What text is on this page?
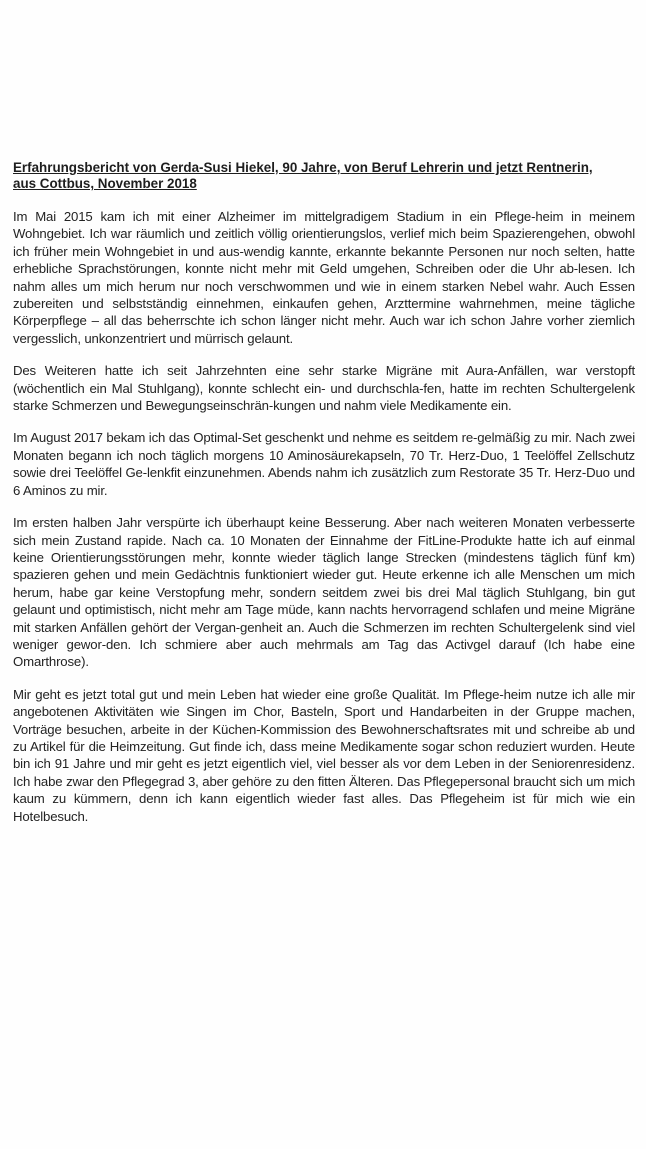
Erfahrungsbericht von Gerda-Susi Hiekel, 90 Jahre, von Beruf Lehrerin und jetzt Rentnerin, aus Cottbus, November 2018

Im Mai 2015 kam ich mit einer Alzheimer im mittelgradigem Stadium in ein Pflege-heim in meinem Wohngebiet. Ich war räumlich und zeitlich völlig orientierungslos, verlief mich beim Spazierengehen, obwohl ich früher mein Wohngebiet in und aus-wendig kannte, erkannte bekannte Personen nur noch selten, hatte erhebliche Sprachstörungen, konnte nicht mehr mit Geld umgehen, Schreiben oder die Uhr ab-lesen. Ich nahm alles um mich herum nur noch verschwommen und wie in einem starken Nebel wahr. Auch Essen zubereiten und selbstständig einnehmen, einkaufen gehen, Arzttermine wahrnehmen, meine tägliche Körperpflege – all das beherrschte ich schon länger nicht mehr. Auch war ich schon Jahre vorher ziemlich vergesslich, unkonzentriert und mürrisch gelaunt.

Des Weiteren hatte ich seit Jahrzehnten eine sehr starke Migräne mit Aura-Anfällen, war verstopft (wöchentlich ein Mal Stuhlgang), konnte schlecht ein- und durchschla-fen, hatte im rechten Schultergelenk starke Schmerzen und Bewegungseinschrän-kungen und nahm viele Medikamente ein.

Im August 2017 bekam ich das Optimal-Set geschenkt und nehme es seitdem re-gelmäßig zu mir. Nach zwei Monaten begann ich noch täglich morgens 10 Aminosäurekapseln, 70 Tr. Herz-Duo, 1 Teelöffel Zellschutz sowie drei Teelöffel Ge-lenkfit einzunehmen. Abends nahm ich zusätzlich zum Restorate 35 Tr. Herz-Duo und 6 Aminos zu mir.

Im ersten halben Jahr verspürte ich überhaupt keine Besserung. Aber nach weiteren Monaten verbesserte sich mein Zustand rapide. Nach ca. 10 Monaten der Einnahme der FitLine-Produkte hatte ich auf einmal keine Orientierungsstörungen mehr, konnte wieder täglich lange Strecken (mindestens täglich fünf km) spazieren gehen und mein Gedächtnis funktioniert wieder gut. Heute erkenne ich alle Menschen um mich herum, habe gar keine Verstopfung mehr, sondern seitdem zwei bis drei Mal täglich Stuhlgang, bin gut gelaunt und optimistisch, nicht mehr am Tage müde, kann nachts hervorragend schlafen und meine Migräne mit starken Anfällen gehört der Vergan-genheit an. Auch die Schmerzen im rechten Schultergelenk sind viel weniger gewor-den. Ich schmiere aber auch mehrmals am Tag das Activgel darauf (Ich habe eine Omarthrose).

Mir geht es jetzt total gut und mein Leben hat wieder eine große Qualität. Im Pflege-heim nutze ich alle mir angebotenen Aktivitäten wie Singen im Chor, Basteln, Sport und Handarbeiten in der Gruppe machen, Vorträge besuchen, arbeite in der Küchen-Kommission des Bewohnerschaftsrates mit und schreibe ab und zu Artikel für die Heimzeitung. Gut finde ich, dass meine Medikamente sogar schon reduziert wurden. Heute bin ich 91 Jahre und mir geht es jetzt eigentlich viel, viel besser als vor dem Leben in der Seniorenresidenz. Ich habe zwar den Pflegegrad 3, aber gehöre zu den fitten Älteren. Das Pflegepersonal braucht sich um mich kaum zu kümmern, denn ich kann eigentlich wieder fast alles. Das Pflegeheim ist für mich wie ein Hotelbesuch.
